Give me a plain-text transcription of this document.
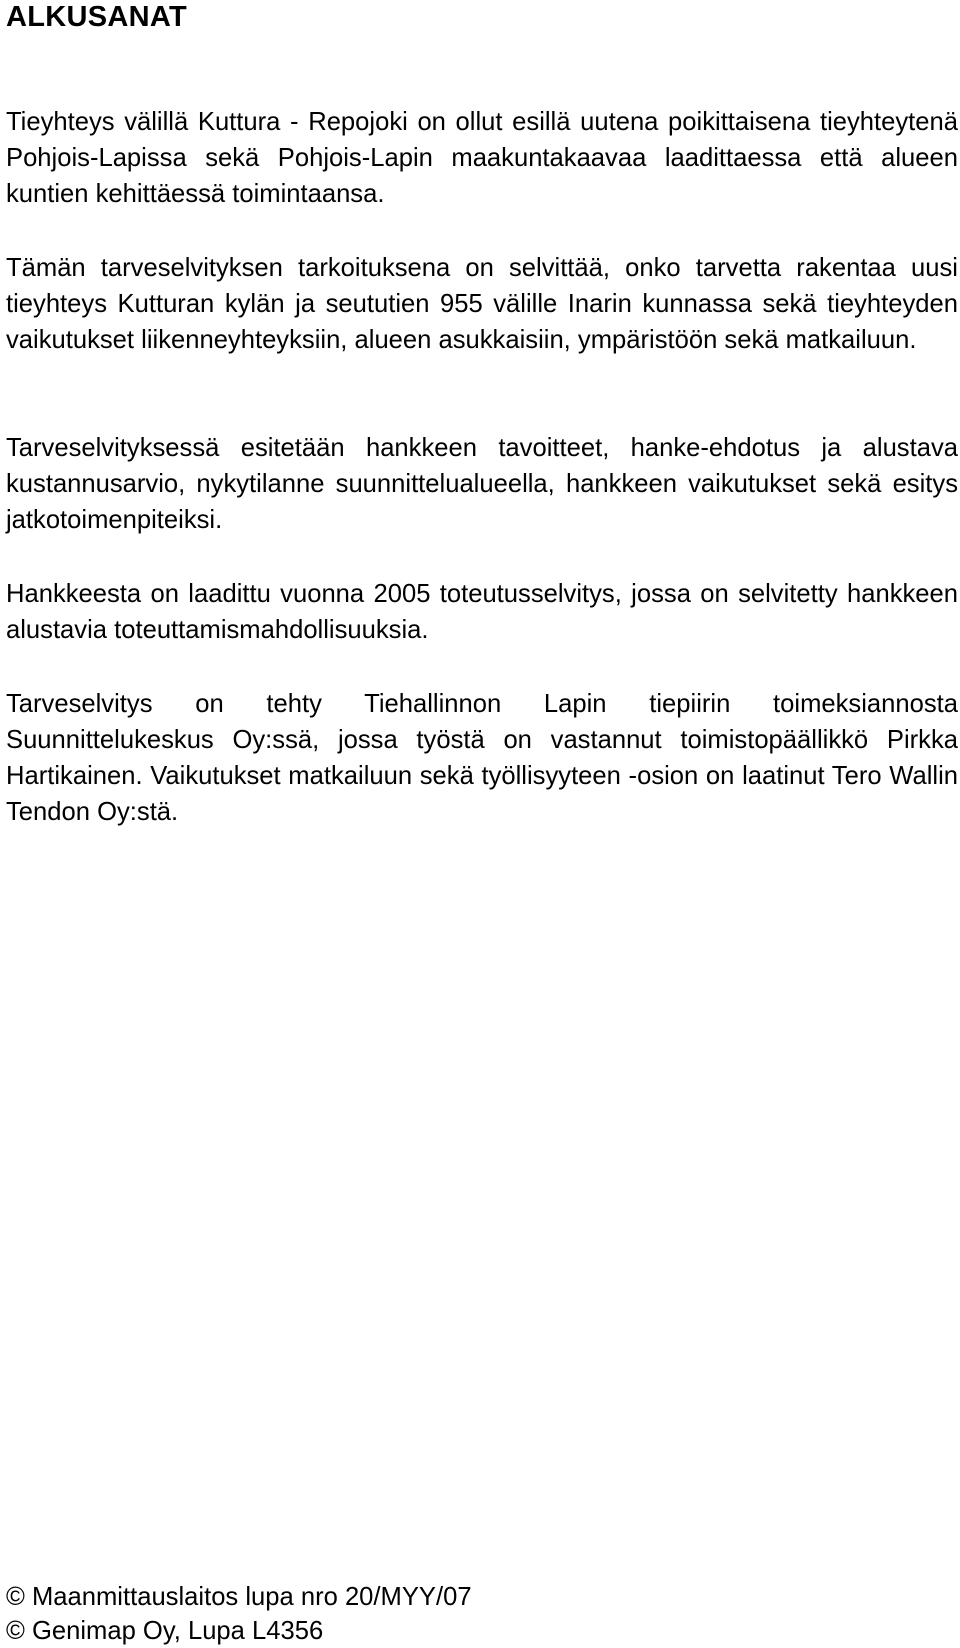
ALKUSANAT

Tieyhteys välillä Kuttura - Repojoki on ollut esillä uutena poikittaisena tieyhteytenä Pohjois-Lapissa sekä Pohjois-Lapin maakuntakaavaa laadittaessa että alueen kuntien kehittäessä toimintaansa.

Tämän tarveselvityksen tarkoituksena on selvittää, onko tarvetta rakentaa uusi tieyhteys Kutturan kylän ja seututien 955 välille Inarin kunnassa sekä tieyhteyden vaikutukset liikenneyhteyksiin, alueen asukkaisiin, ympäristöön sekä matkailuun.

Tarveselvityksessä esitetään hankkeen tavoitteet, hanke-ehdotus ja alustava kustannusarvio, nykytilanne suunnittelualueella, hankkeen vaikutukset sekä esitys jatkotoimenpiteiksi.

Hankkeesta on laadittu vuonna 2005 toteutusselvitys, jossa on selvitetty hankkeen alustavia toteuttamismahdollisuuksia.

Tarveselvitys on tehty Tiehallinnon Lapin tiepiirin toimeksiannosta Suunnittelukeskus Oy:ssä, jossa työstä on vastannut toimistopäällikkö Pirkka Hartikainen. Vaikutukset matkailuun sekä työllisyyteen -osion on laatinut Tero Wallin Tendon Oy:stä.

© Maanmittauslaitos lupa nro 20/MYY/07

© Genimap Oy, Lupa L4356
